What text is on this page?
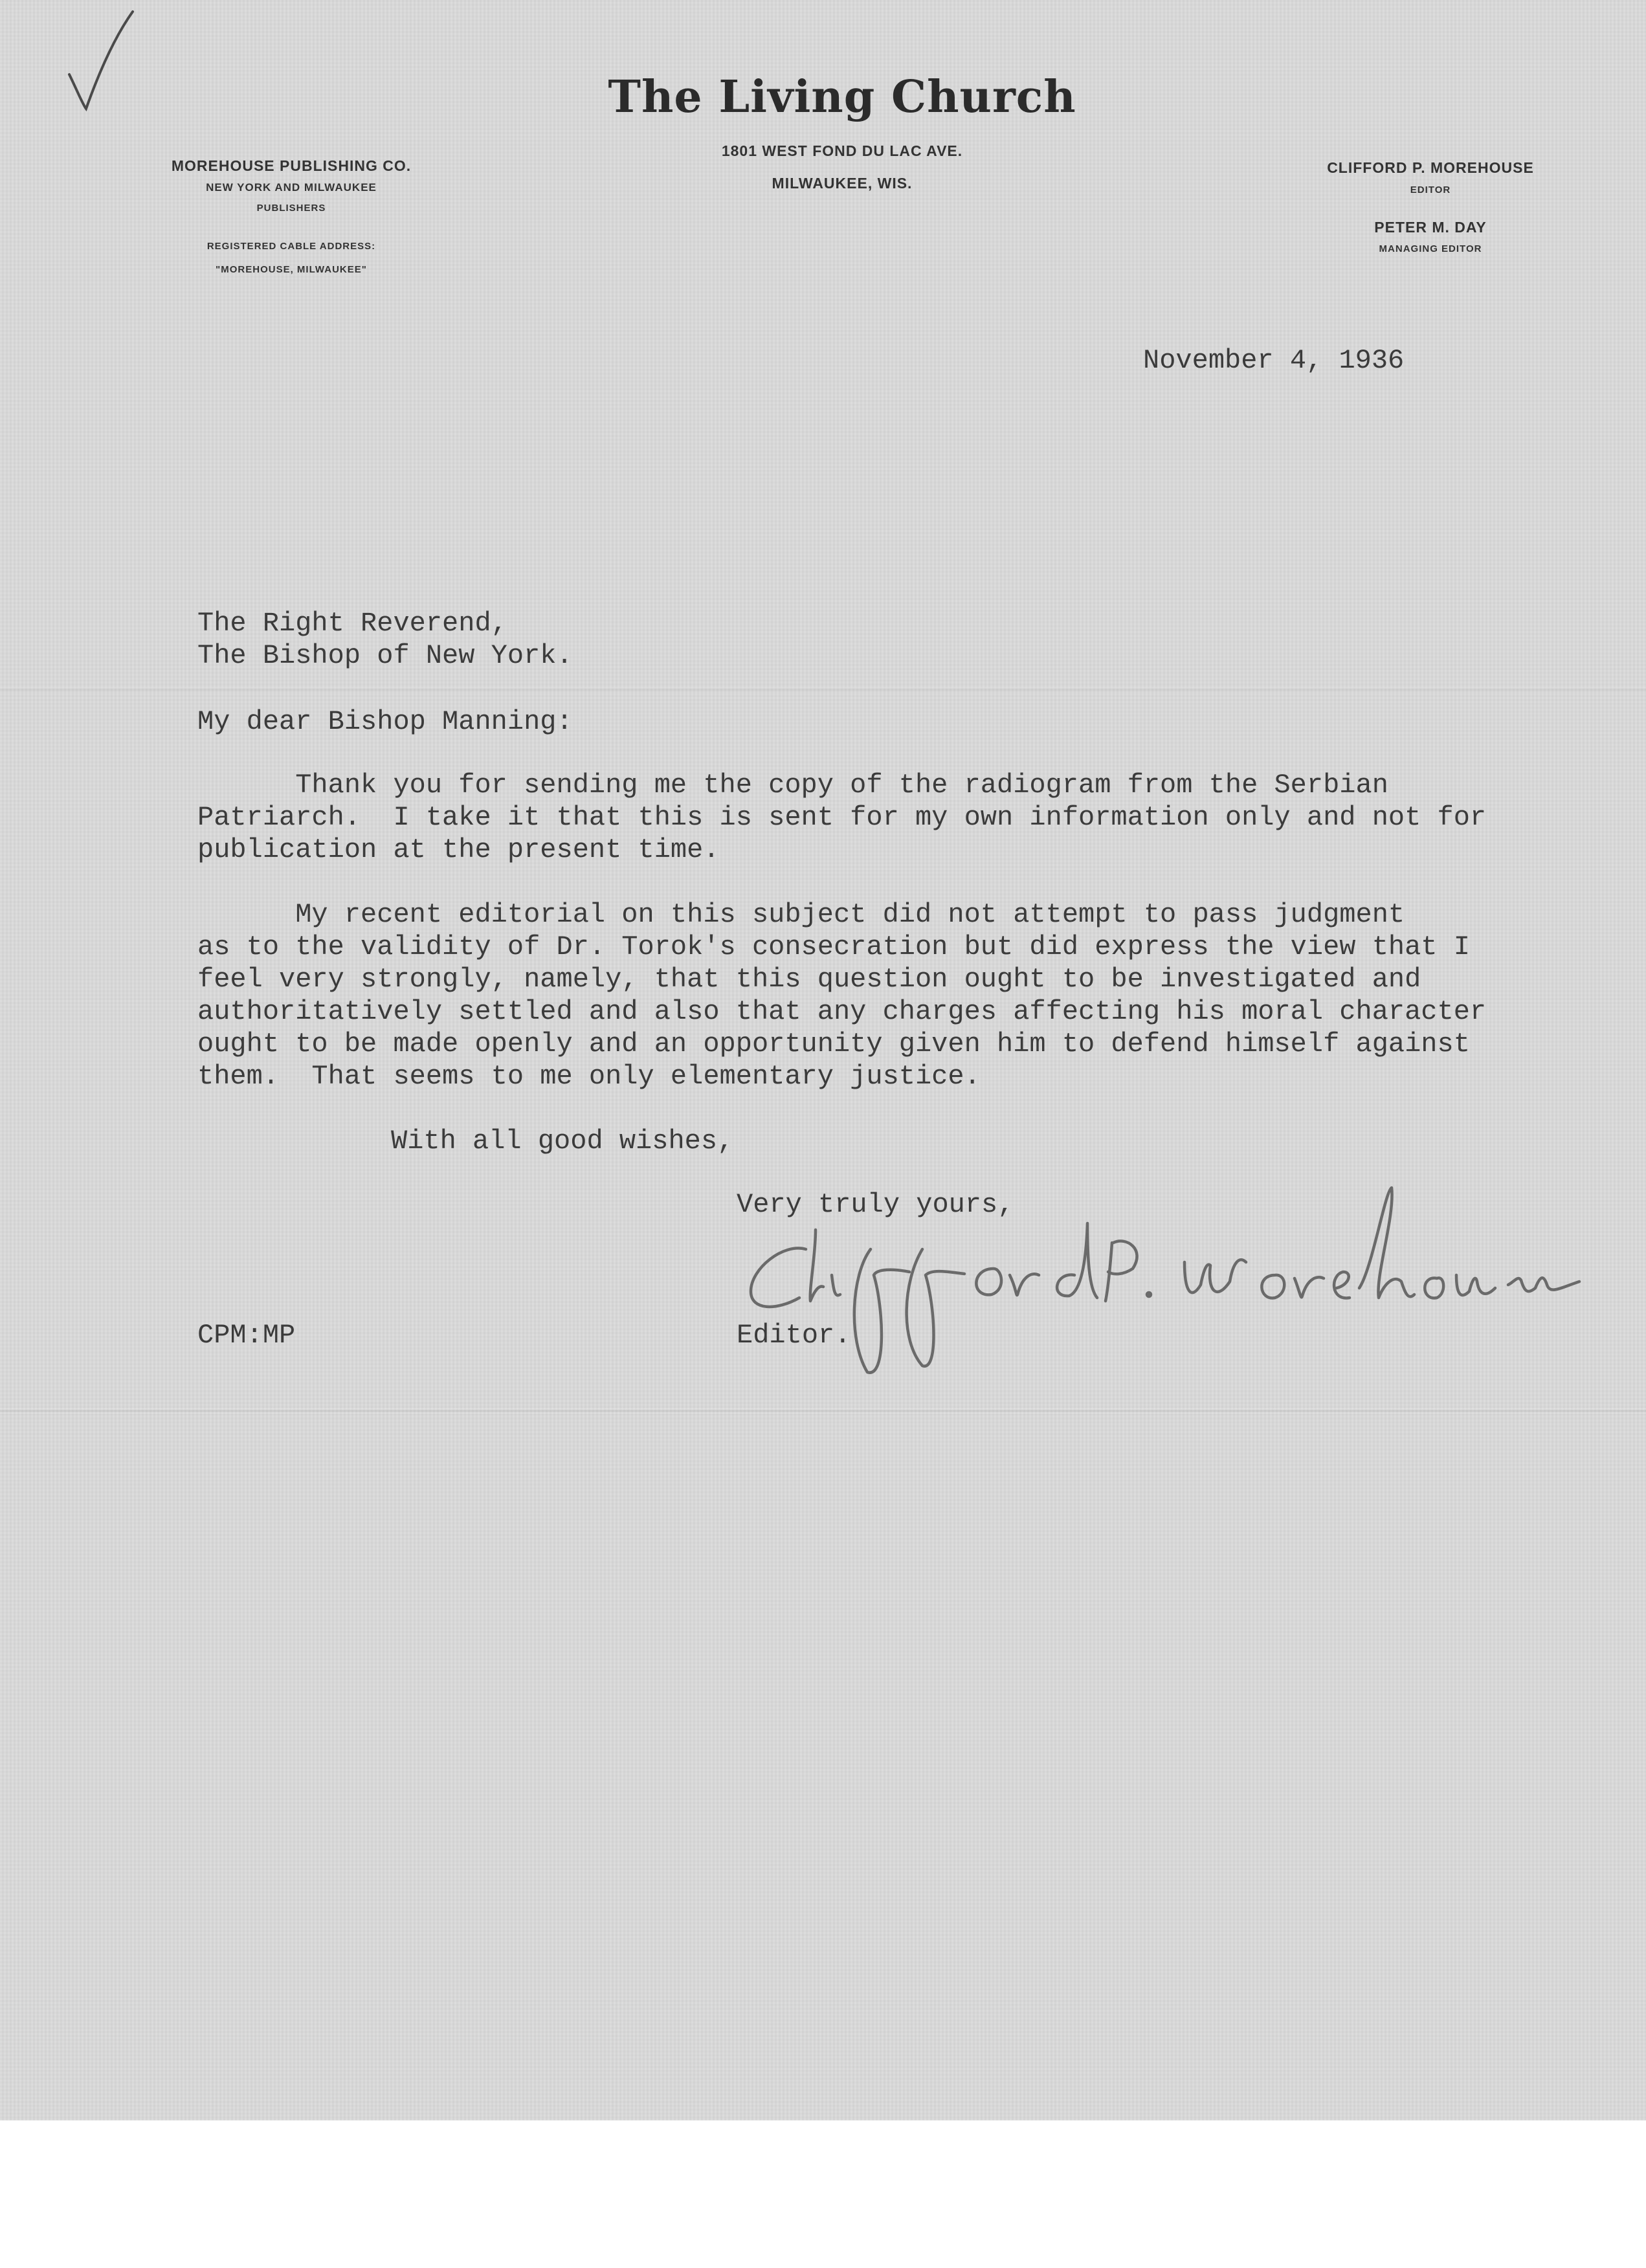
The Living Church
1801 WEST FOND DU LAC AVE.
MILWAUKEE, WIS.
MOREHOUSE PUBLISHING CO.
NEW YORK AND MILWAUKEE
PUBLISHERS
REGISTERED CABLE ADDRESS:
"MOREHOUSE, MILWAUKEE"
CLIFFORD P. MOREHOUSE
EDITOR
PETER M. DAY
MANAGING EDITOR
November 4, 1936
The Right Reverend,
The Bishop of New York.
My dear Bishop Manning:
Thank you for sending me the copy of the radiogram from the Serbian
Patriarch.  I take it that this is sent for my own information only and not for
publication at the present time.
My recent editorial on this subject did not attempt to pass judgment
as to the validity of Dr. Torok's consecration but did express the view that I
feel very strongly, namely, that this question ought to be investigated and
authoritatively settled and also that any charges affecting his moral character
ought to be made openly and an opportunity given him to defend himself against
them.  That seems to me only elementary justice.
With all good wishes,
Very truly yours,
CPM:MP	Editor.
